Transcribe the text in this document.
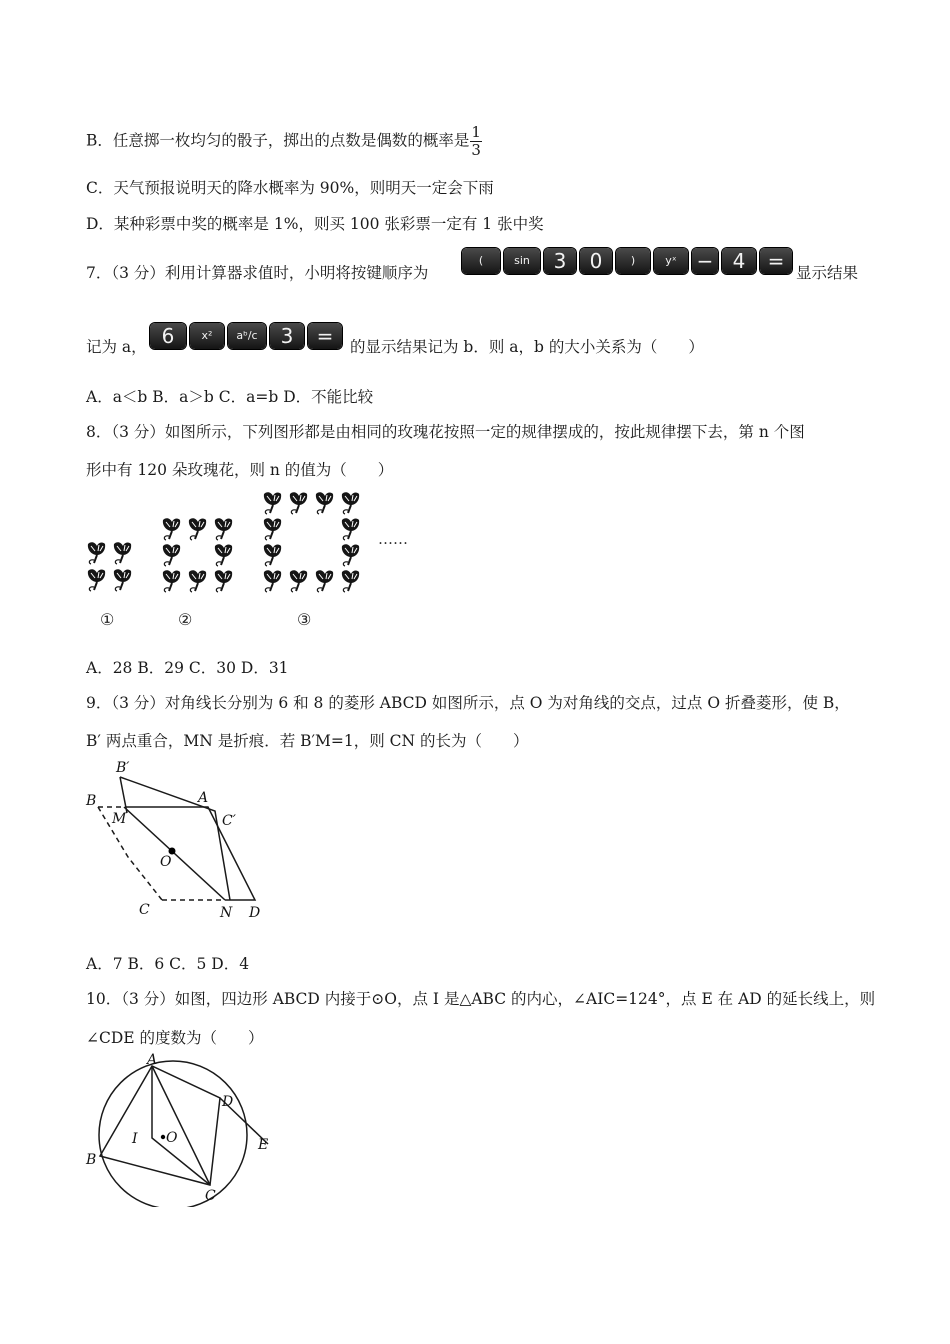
B．任意掷一枚均匀的骰子，掷出的点数是偶数的概率是 $\frac{1}{3}$
C．天气预报说明天的降水概率为 90%，则明天一定会下雨
D．某种彩票中奖的概率是 1%，则买 100 张彩票一定有 1 张中奖
7．（3 分）利用计算器求值时，小明将按键顺序为
(	sin	3	0	)	yˣ − 4	= 显示结果
记为 a， 6	x²	aᵇ/c	3	=	的显示结果记为 b．则 a，b 的大小关系为（　　）
A．a＜b B．a＞b C．a=b D．不能比较
8．（3 分）如图所示，下列图形都是由相同的玫瑰花按照一定的规律摆成的，按此规律摆下去，第 n 个图
形中有 120 朵玫瑰花，则 n 的值为（　　）
……
①	②	③
A．28 B．29 C．30 D．31
9．（3 分）对角线长分别为 6 和 8 的菱形 ABCD 如图所示，点 O 为对角线的交点，过点 O 折叠菱形，使 B，
B′ 两点重合，MN 是折痕．若 B′M=1，则 CN 的长为（　　）
B′
B	A
M	C′
O
C	N D
A．7 B．6 C．5 D．4
10．（3 分）如图，四边形 ABCD 内接于⊙O，点 I 是△ABC 的内心，∠AIC=124°，点 E 在 AD 的延长线上，则
∠CDE 的度数为（　　）
A
D
I O	E
B
C
